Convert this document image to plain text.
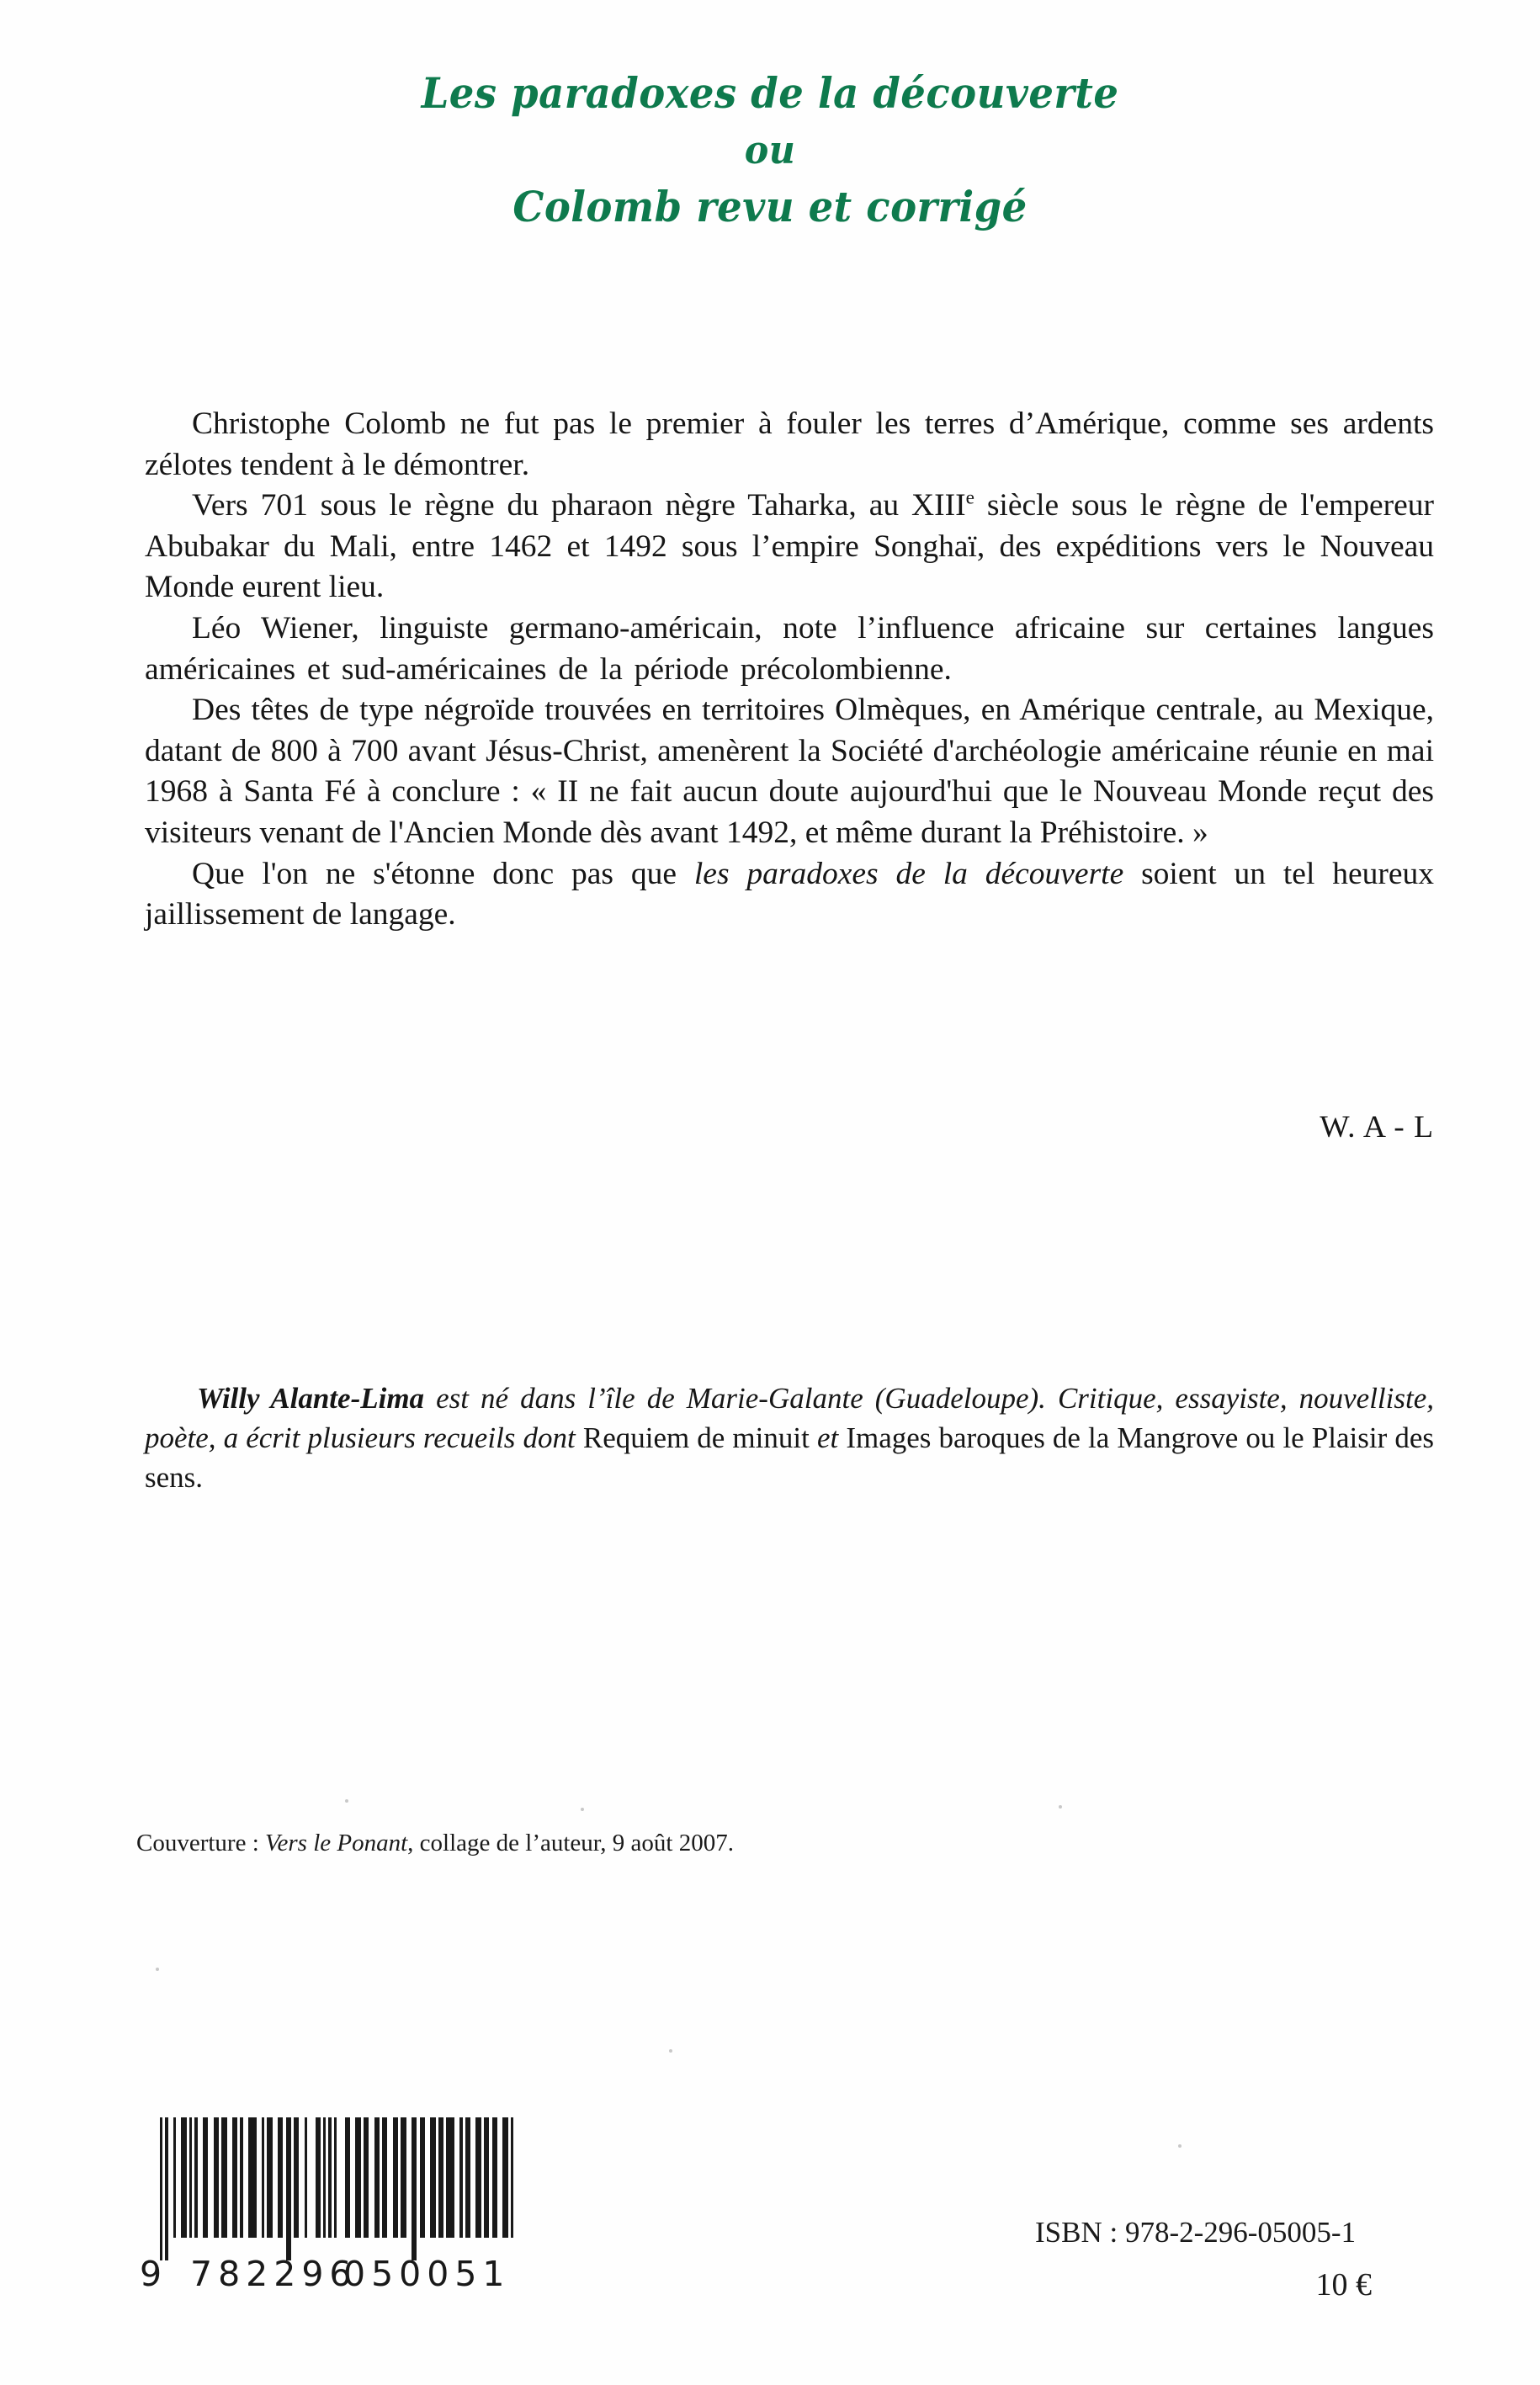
Les paradoxes de la découverte
ou
Colomb revu et corrigé

Christophe Colomb ne fut pas le premier à fouler les terres d’Amérique, comme ses ardents zélotes tendent à le démontrer.

Vers 701 sous le règne du pharaon nègre Taharka, au XIIIe siècle sous le règne de l'empereur Abubakar du Mali, entre 1462 et 1492 sous l’empire Songhaï, des expéditions vers le Nouveau Monde eurent lieu.

Léo Wiener, linguiste germano-américain, note l’influence africaine sur certaines langues américaines et sud-américaines de la période précolombienne.

Des têtes de type négroïde trouvées en territoires Olmèques, en Amérique centrale, au Mexique, datant de 800 à 700 avant Jésus-Christ, amenèrent la Société d'archéologie américaine réunie en mai 1968 à Santa Fé à conclure : « II ne fait aucun doute aujourd'hui que le Nouveau Monde reçut des visiteurs venant de l'Ancien Monde dès avant 1492, et même durant la Préhistoire. »

Que l'on ne s'étonne donc pas que les paradoxes de la découverte soient un tel heureux jaillissement de langage.

W. A - L

Willy Alante-Lima est né dans l’île de Marie-Galante (Guadeloupe). Critique, essayiste, nouvelliste, poète, a écrit plusieurs recueils dont Requiem de minuit et Images baroques de la Mangrove ou le Plaisir des sens.

Couverture : Vers le Ponant, collage de l’auteur, 9 août 2007.
9 782296
050051
ISBN : 978-2-296-05005-1
10 €
